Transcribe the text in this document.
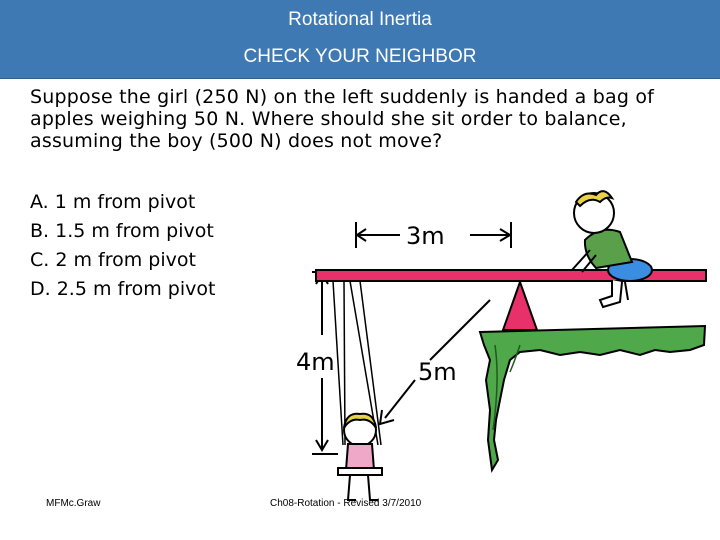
Rotational Inertia
CHECK YOUR NEIGHBOR

Suppose the girl (250 N) on the left suddenly is handed a bag of apples weighing 50 N. Where should she sit order to balance, assuming the boy (500 N) does not move?

A. 1 m from pivot
B. 1.5 m from pivot
C. 2 m from pivot
D. 2.5 m from pivot
3m
4m	5m
MFMc.Graw	Ch08-Rotation - Revised 3/7/2010
